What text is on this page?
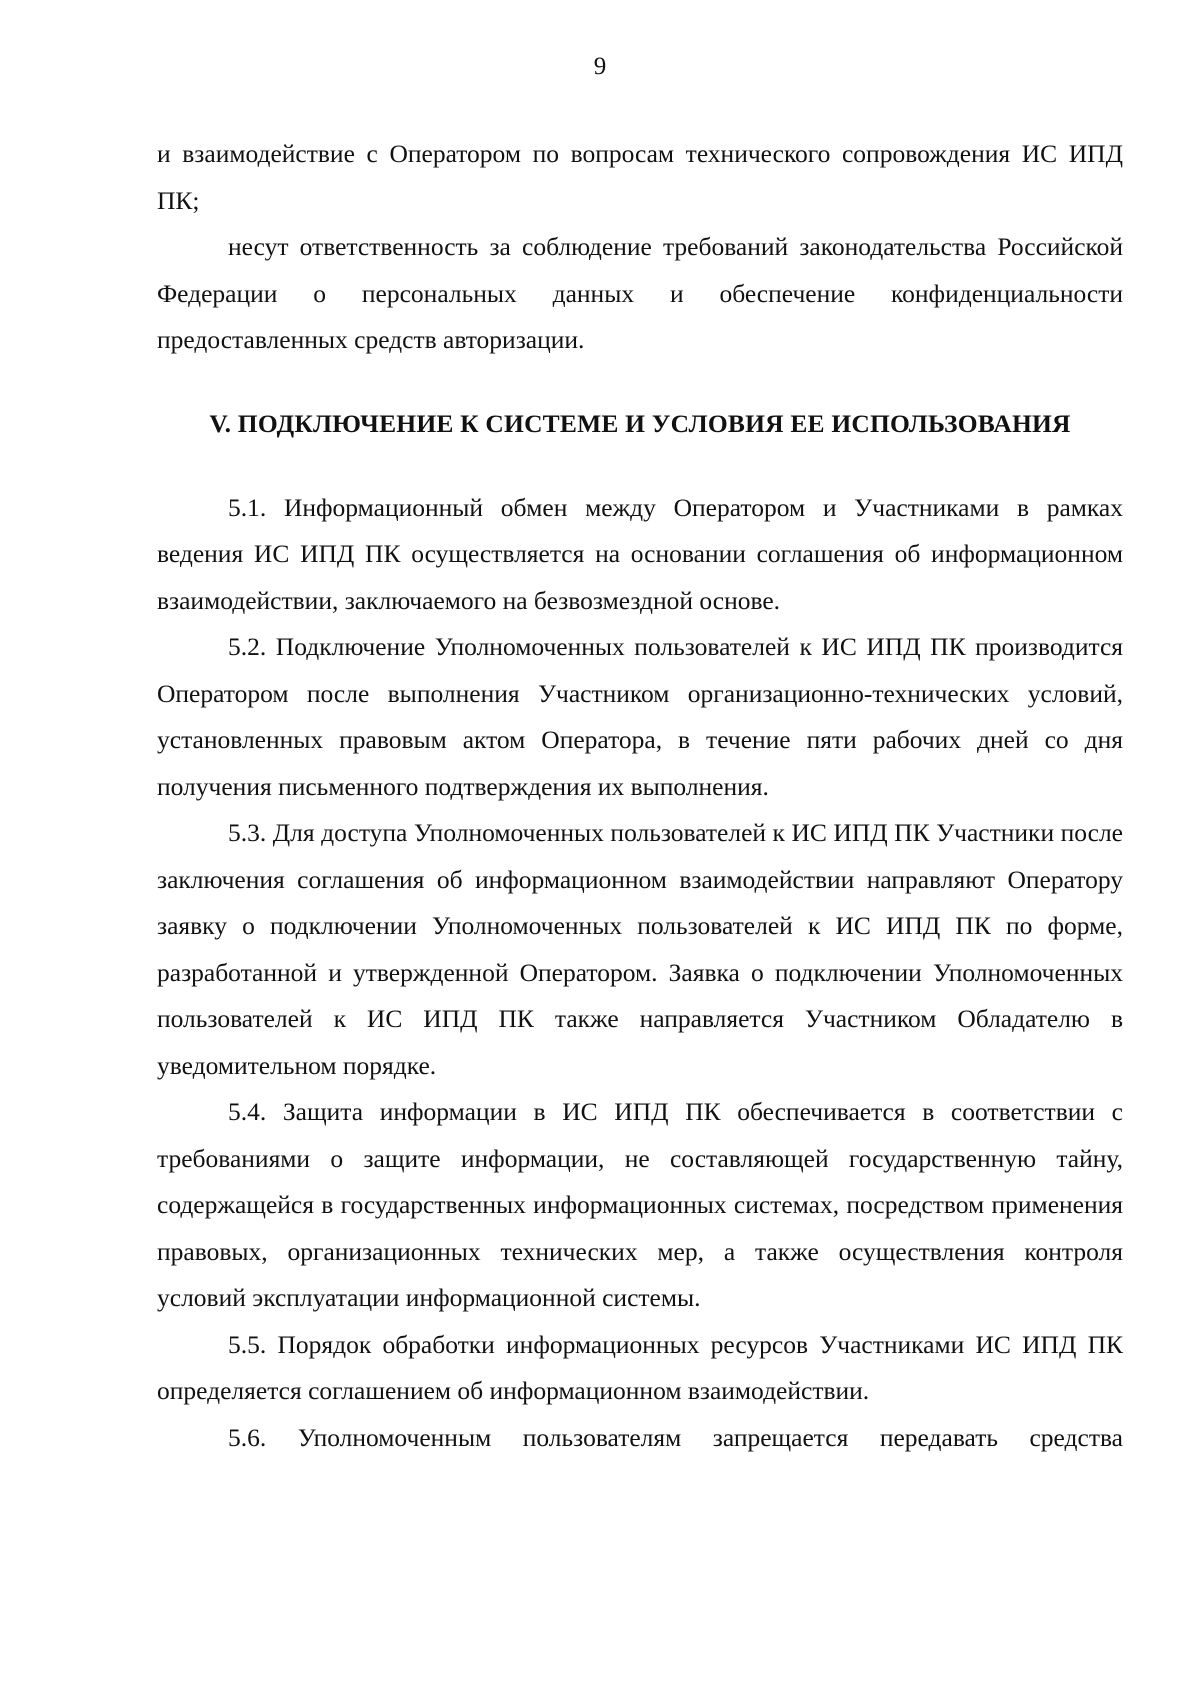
9

и взаимодействие с Оператором по вопросам технического сопровождения ИС ИПД ПК;

несут ответственность за соблюдение требований законодательства Российской Федерации о персональных данных и обеспечение конфиденциальности предоставленных средств авторизации.

V. ПОДКЛЮЧЕНИЕ К СИСТЕМЕ И УСЛОВИЯ ЕЕ ИСПОЛЬЗОВАНИЯ

5.1. Информационный обмен между Оператором и Участниками в рамках ведения ИС ИПД ПК осуществляется на основании соглашения об информационном взаимодействии, заключаемого на безвозмездной основе.

5.2. Подключение Уполномоченных пользователей к ИС ИПД ПК производится Оператором после выполнения Участником организационно-технических условий, установленных правовым актом Оператора, в течение пяти рабочих дней со дня получения письменного подтверждения их выполнения.

5.3. Для доступа Уполномоченных пользователей к ИС ИПД ПК Участники после заключения соглашения об информационном взаимодействии направляют Оператору заявку о подключении Уполномоченных пользователей к ИС ИПД ПК по форме, разработанной и утвержденной Оператором. Заявка о подключении Уполномоченных пользователей к ИС ИПД ПК также направляется Участником Обладателю в уведомительном порядке.

5.4. Защита информации в ИС ИПД ПК обеспечивается в соответствии с требованиями о защите информации, не составляющей государственную тайну, содержащейся в государственных информационных системах, посредством применения правовых, организационных технических мер, а также осуществления контроля условий эксплуатации информационной системы.

5.5. Порядок обработки информационных ресурсов Участниками ИС ИПД ПК определяется соглашением об информационном взаимодействии.

5.6. Уполномоченным пользователям запрещается передавать средства
